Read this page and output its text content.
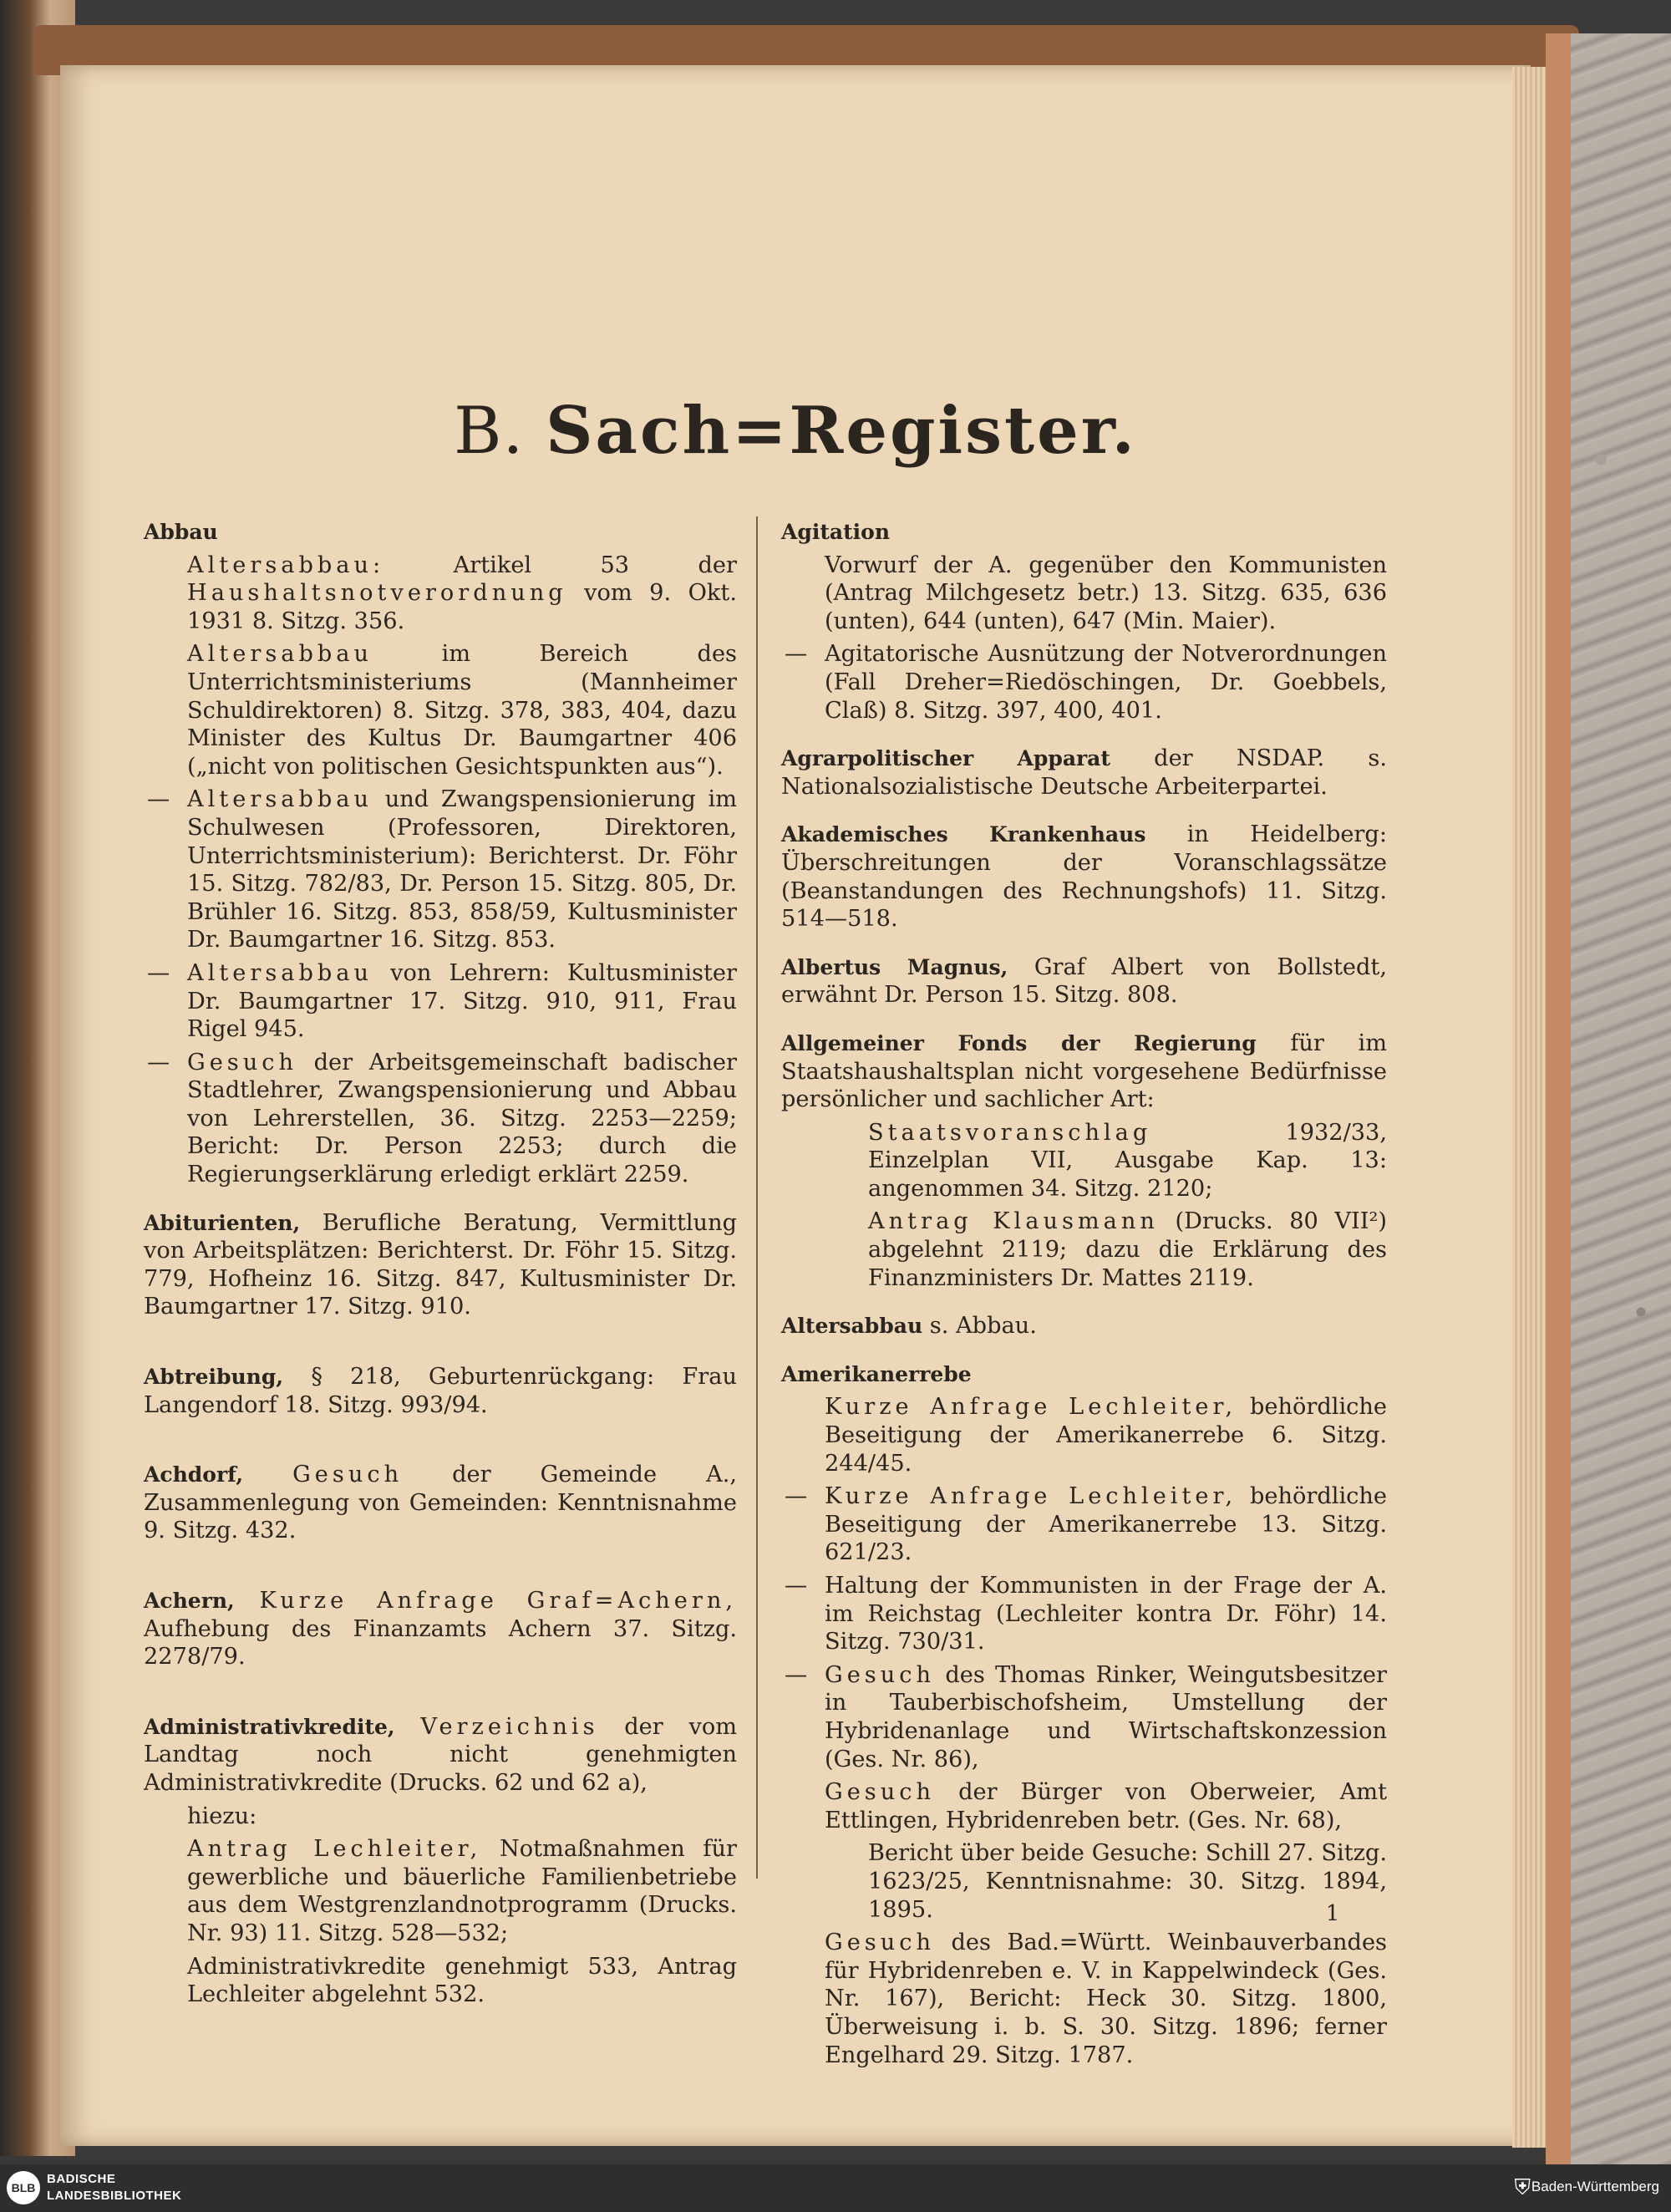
B. Sach=Register.
Abbau
Altersabbau:	Artikel 53 der Haushaltsnotverordnung vom 9. Okt. 1931 8. Sitzg. 356.
Altersabbau	im Bereich des Unterrichtsministeriums (Mannheimer Schuldirektoren) 8. Sitzg. 378, 383, 404, dazu Minister des Kultus Dr. Baumgartner 406 („nicht von politischen Gesichtspunkten aus“).
— Altersabbau und Zwangspensionierung im Schulwesen (Professoren, Direktoren, Unterrichtsministerium): Berichterst. Dr. Föhr 15. Sitzg. 782/83, Dr. Person 15. Sitzg. 805, Dr. Brühler 16. Sitzg. 853, 858/59, Kultusminister Dr. Baumgartner 16. Sitzg. 853.
— Altersabbau von Lehrern: Kultusminister Dr. Baumgartner 17. Sitzg. 910, 911, Frau Rigel 945.
— Gesuch der Arbeitsgemeinschaft badischer Stadtlehrer, Zwangspensionierung und Abbau von Lehrerstellen, 36. Sitzg. 2253—2259; Bericht: Dr. Person 2253; durch die Regierungserklärung erledigt erklärt 2259.
Abiturienten, Berufliche Beratung, Vermittlung von Arbeitsplätzen: Berichterst. Dr. Föhr 15. Sitzg. 779, Hofheinz 16. Sitzg. 847, Kultusminister Dr. Baumgartner 17. Sitzg. 910.
Abtreibung, § 218, Geburtenrückgang: Frau Langendorf 18. Sitzg. 993/94.
Achdorf, Gesuch der Gemeinde A., Zusammenlegung von Gemeinden: Kenntnisnahme 9. Sitzg. 432.
Achern, Kurze Anfrage Graf=Achern, Aufhebung des Finanzamts Achern 37. Sitzg. 2278/79.
Administrativkredite, Verzeichnis der vom Landtag noch nicht genehmigten Administrativkredite (Drucks. 62 und 62 a),
hiezu:
Antrag Lechleiter, Notmaßnahmen für gewerbliche und bäuerliche Familienbetriebe aus dem Westgrenzlandnotprogramm (Drucks. Nr. 93) 11. Sitzg. 528—532;
Administrativkredite genehmigt 533, Antrag Lechleiter abgelehnt 532.
Agitation
Vorwurf der A. gegenüber den Kommunisten (Antrag Milchgesetz betr.) 13. Sitzg. 635, 636 (unten), 644 (unten), 647 (Min. Maier).
— Agitatorische Ausnützung der Notverordnungen (Fall Dreher=Riedöschingen, Dr. Goebbels, Claß) 8. Sitzg. 397, 400, 401.
Agrarpolitischer Apparat der NSDAP. s. Nationalsozialistische Deutsche Arbeiterpartei.
Akademisches Krankenhaus in Heidelberg: Überschreitungen der Voranschlagssätze (Beanstandungen des Rechnungshofs) 11. Sitzg. 514—518.
Albertus Magnus, Graf Albert von Bollstedt, erwähnt Dr. Person 15. Sitzg. 808.
Allgemeiner Fonds der Regierung für im Staatshaushaltsplan nicht vorgesehene Bedürfnisse persönlicher und sachlicher Art:
Staatsvoranschlag	1932/33, Einzelplan VII, Ausgabe Kap. 13: angenommen 34. Sitzg. 2120;
Antrag Klausmann (Drucks. 80 VII²) abgelehnt 2119; dazu die Erklärung des Finanzministers Dr. Mattes 2119.
Altersabbau s. Abbau.
Amerikanerrebe
Kurze Anfrage Lechleiter, behördliche Beseitigung der Amerikanerrebe 6. Sitzg. 244/45.
— Kurze Anfrage Lechleiter, behördliche Beseitigung der Amerikanerrebe 13. Sitzg. 621/23.
— Haltung der Kommunisten in der Frage der A. im Reichstag (Lechleiter kontra Dr. Föhr) 14. Sitzg. 730/31.
— Gesuch des Thomas Rinker, Weingutsbesitzer in Tauberbischofsheim, Umstellung der Hybridenanlage und Wirtschaftskonzession (Ges. Nr. 86),
Gesuch der Bürger von Oberweier, Amt Ettlingen, Hybridenreben betr. (Ges. Nr. 68),
Bericht über beide Gesuche: Schill 27. Sitzg. 1623/25, Kenntnisnahme: 30. Sitzg. 1894, 1895.
Gesuch des Bad.=Württ. Weinbauverbandes für Hybridenreben e. V. in Kappelwindeck (Ges. Nr. 167), Bericht: Heck 30. Sitzg. 1800, Überweisung i. b. S. 30. Sitzg. 1896; ferner Engelhard 29. Sitzg. 1787.
1
BLB
BADISCHE
LANDESBIBLIOTHEK	⛨ Baden-Württemberg
